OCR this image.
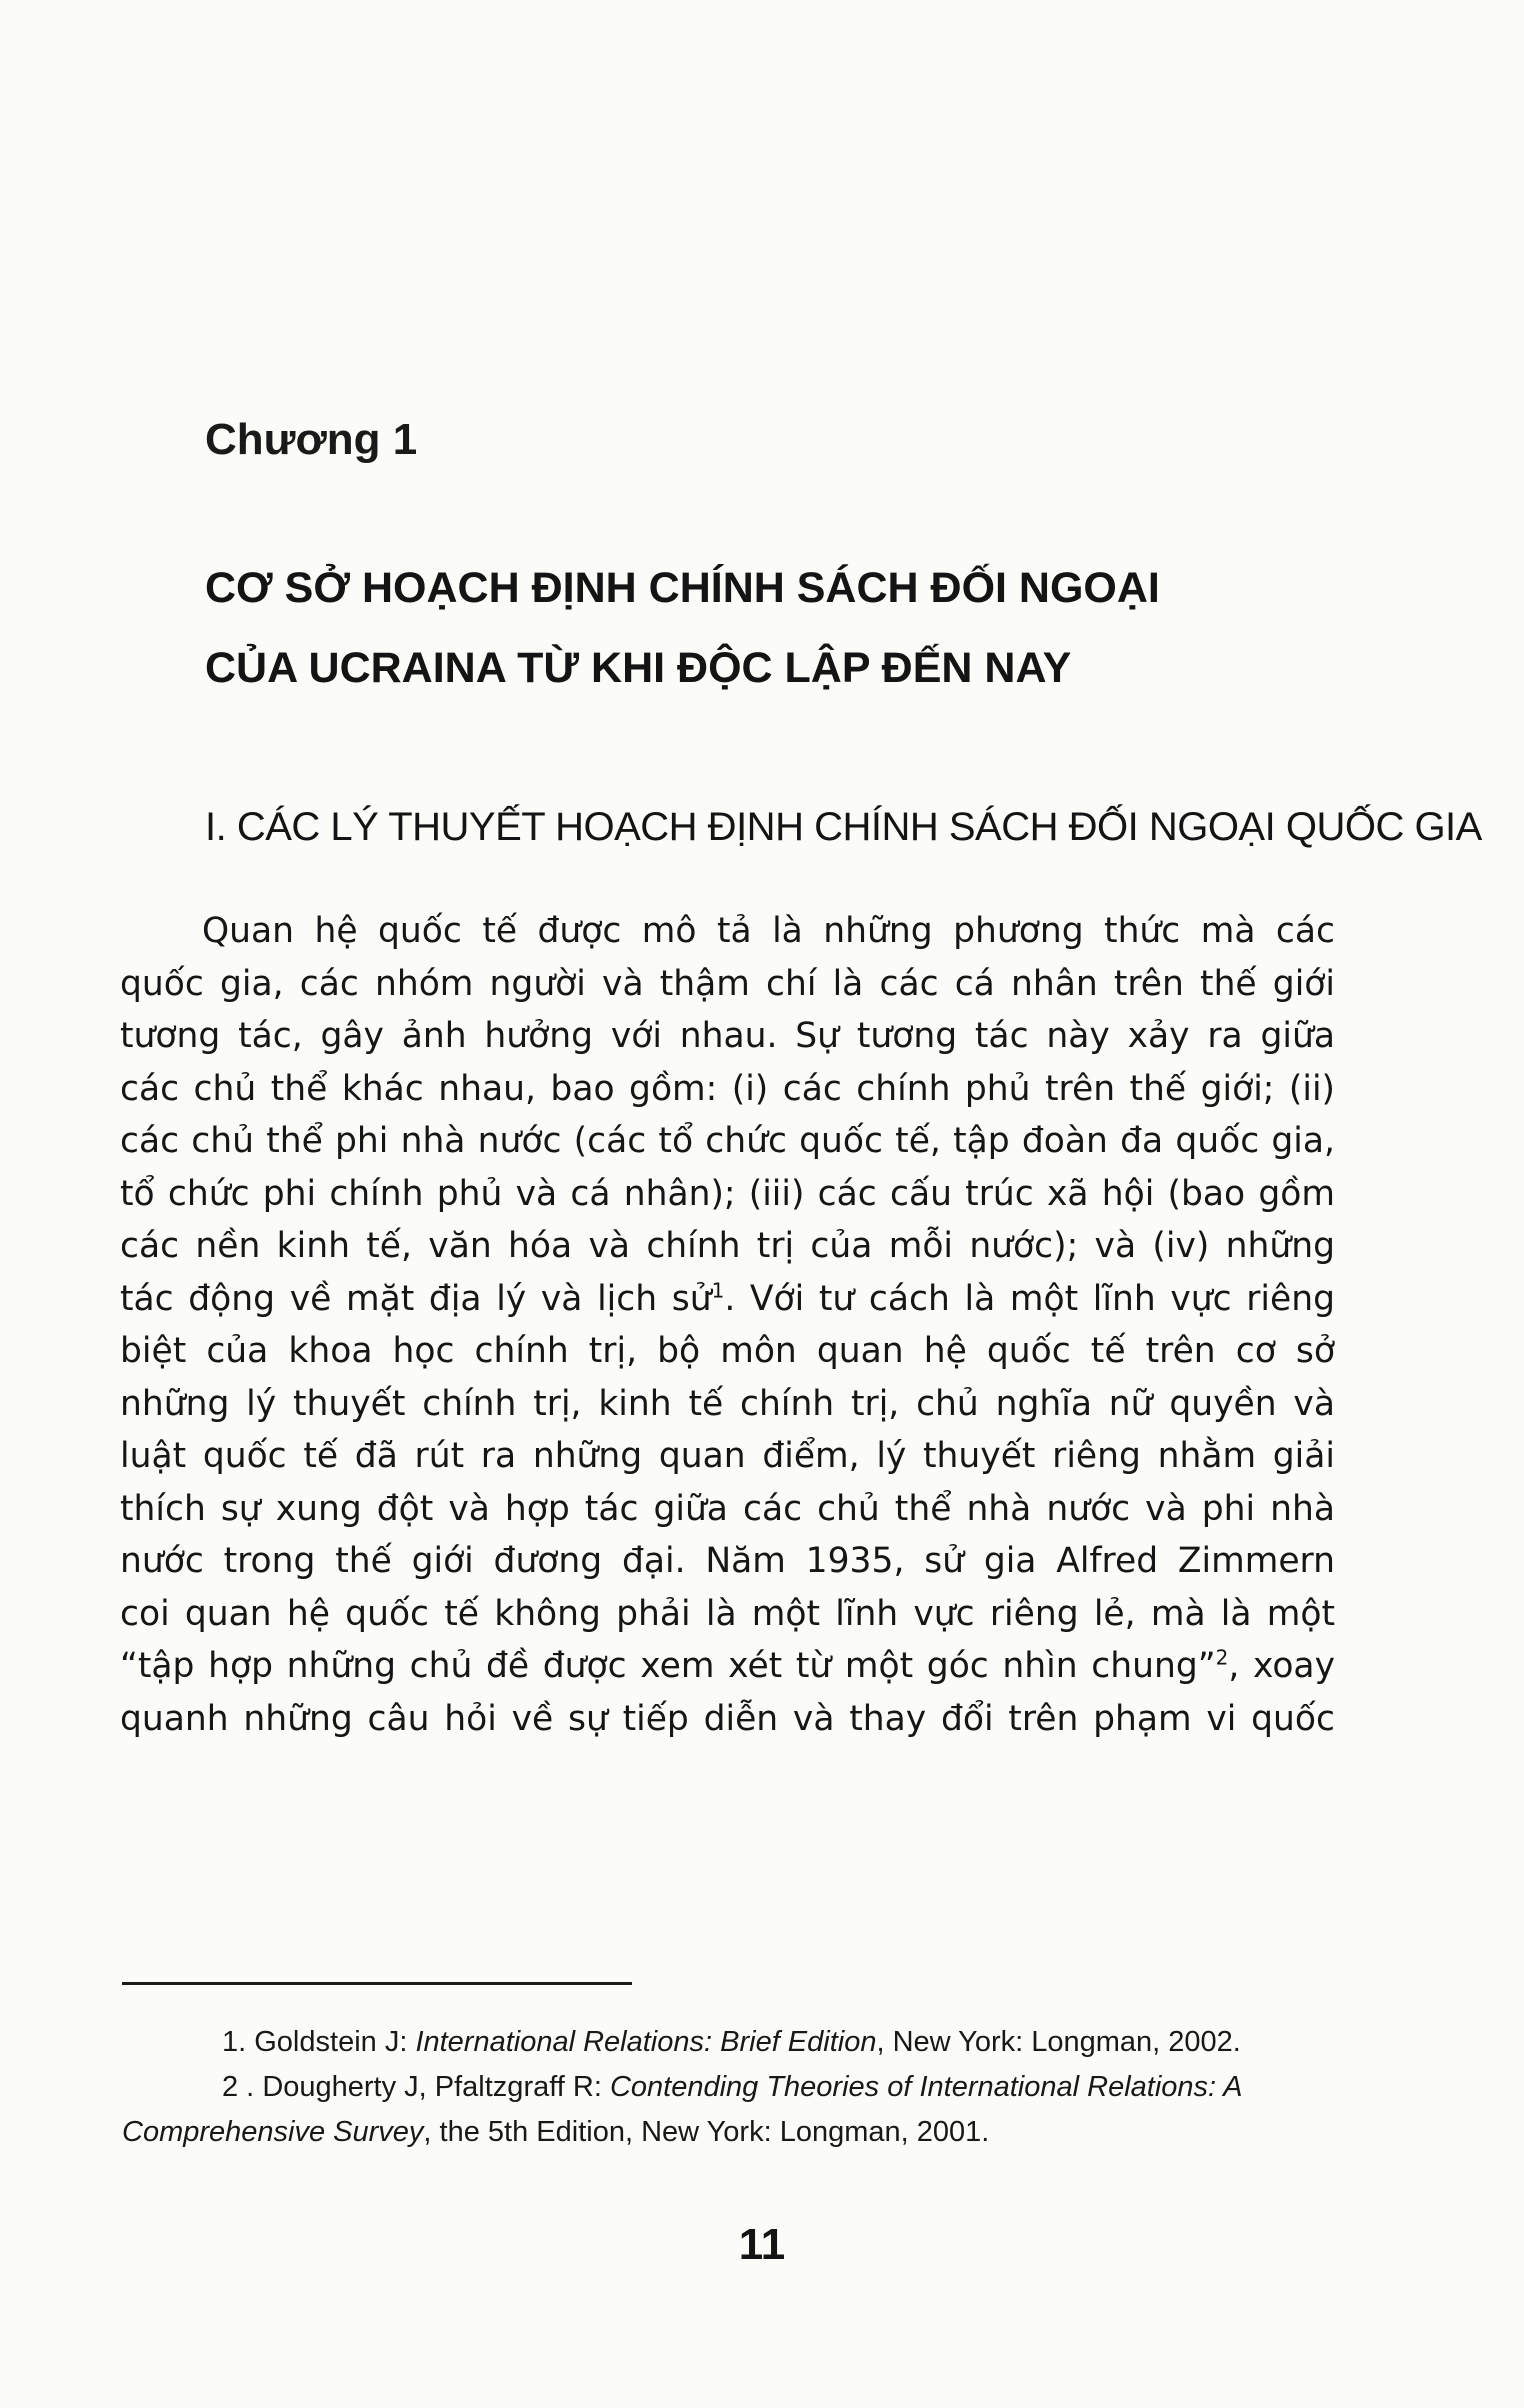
Chương 1
CƠ SỞ HOẠCH ĐỊNH CHÍNH SÁCH ĐỐI NGOẠI
CỦA UCRAINA TỪ KHI ĐỘC LẬP ĐẾN NAY
I. CÁC LÝ THUYẾT HOẠCH ĐỊNH CHÍNH SÁCH ĐỐI NGOẠI QUỐC GIA
Quan hệ quốc tế được mô tả là những phương thức mà các
quốc gia, các nhóm người và thậm chí là các cá nhân trên thế giới
tương tác, gây ảnh hưởng với nhau. Sự tương tác này xảy ra giữa
các chủ thể khác nhau, bao gồm: (i) các chính phủ trên thế giới; (ii)
các chủ thể phi nhà nước (các tổ chức quốc tế, tập đoàn đa quốc gia,
tổ chức phi chính phủ và cá nhân); (iii) các cấu trúc xã hội (bao gồm
các nền kinh tế, văn hóa và chính trị của mỗi nước); và (iv) những
tác động về mặt địa lý và lịch sử$^1$. Với tư cách là một lĩnh vực riêng
biệt của khoa học chính trị, bộ môn quan hệ quốc tế trên cơ sở
những lý thuyết chính trị, kinh tế chính trị, chủ nghĩa nữ quyền và
luật quốc tế đã rút ra những quan điểm, lý thuyết riêng nhằm giải
thích sự xung đột và hợp tác giữa các chủ thể nhà nước và phi nhà
nước trong thế giới đương đại. Năm 1935, sử gia Alfred Zimmern
coi quan hệ quốc tế không phải là một lĩnh vực riêng lẻ, mà là một
“tập hợp những chủ đề được xem xét từ một góc nhìn chung”$^2$, xoay
quanh những câu hỏi về sự tiếp diễn và thay đổi trên phạm vi quốc
1. Goldstein J: International Relations: Brief Edition, New York: Longman, 2002.
2 . Dougherty J, Pfaltzgraff R: Contending Theories of International Relations: A Comprehensive Survey, the 5th Edition, New York: Longman, 2001.
11
